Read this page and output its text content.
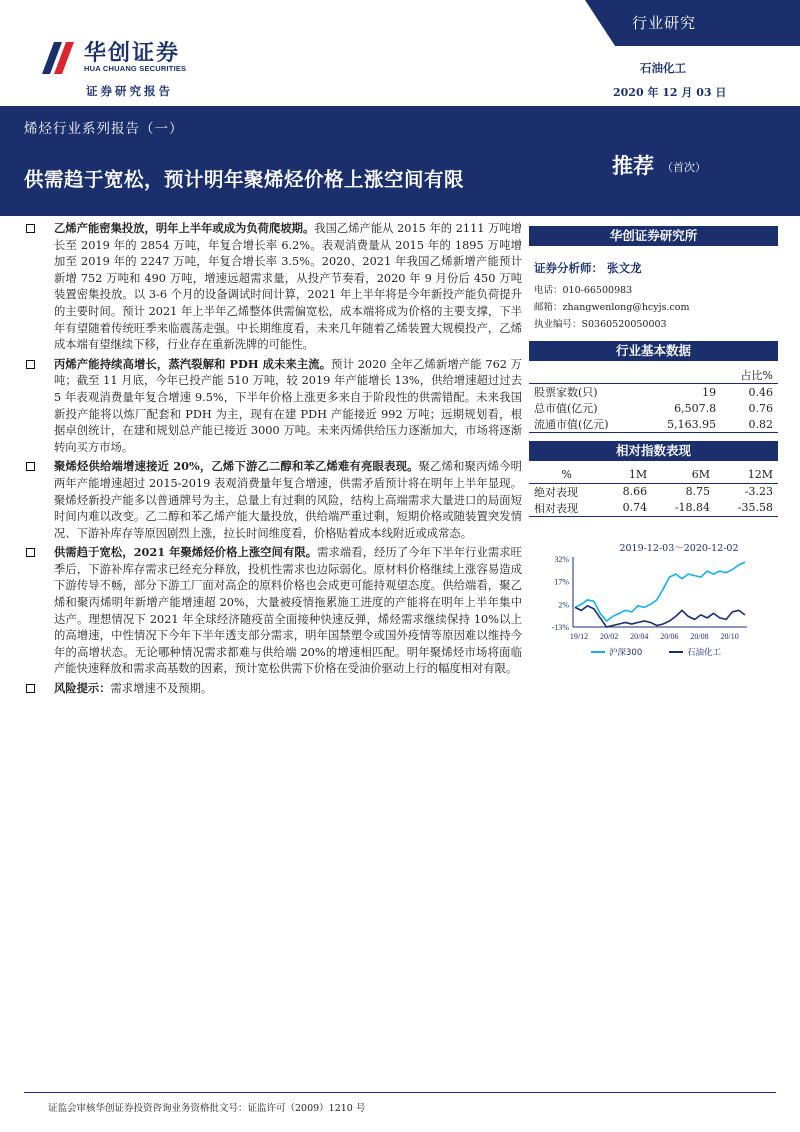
华创证券
HUA CHUANG SECURITIES
证券研究报告
行业研究
石油化工
2020 年 12 月 03 日
烯烃行业系列报告（一）
供需趋于宽松，预计明年聚烯烃价格上涨空间有限
推荐 （首次）
乙烯产能密集投放，明年上半年或成为负荷爬坡期。我国乙烯产能从 2015 年的 2111 万吨增长至 2019 年的 2854 万吨，年复合增长率 6.2%。表观消费量从 2015 年的 1895 万吨增加至 2019 年的 2247 万吨，年复合增长率 3.5%。2020、2021 年我国乙烯新增产能预计新增 752 万吨和 490 万吨，增速远超需求量，从投产节奏看，2020 年 9 月份后 450 万吨装置密集投放。以 3-6 个月的设备调试时间计算，2021 年上半年将是今年新投产能负荷提升的主要时间。预计 2021 年上半年乙烯整体供需偏宽松，成本端将成为价格的主要支撑，下半年有望随着传统旺季来临震荡走强。中长期维度看，未来几年随着乙烯装置大规模投产，乙烯成本端有望继续下移，行业存在重新洗牌的可能性。
丙烯产能持续高增长，蒸汽裂解和 PDH 成未来主流。预计 2020 全年乙烯新增产能 762 万吨；截至 11 月底，今年已投产能 510 万吨，较 2019 年产能增长 13%，供给增速超过过去 5 年表观消费量年复合增速 9.5%，下半年价格上涨更多来自于阶段性的供需错配。未来我国新投产能将以炼厂配套和 PDH 为主，现有在建 PDH 产能接近 992 万吨；远期规划看，根据卓创统计，在建和规划总产能已接近 3000 万吨。未来丙烯供给压力逐渐加大，市场将逐渐转向买方市场。
聚烯烃供给端增速接近 20%，乙烯下游乙二醇和苯乙烯难有亮眼表现。聚乙烯和聚丙烯今明两年产能增速超过 2015-2019 表观消费量年复合增速，供需矛盾预计将在明年上半年显现。聚烯烃新投产能多以普通牌号为主，总量上有过剩的风险，结构上高端需求大量进口的局面短时间内难以改变。乙二醇和苯乙烯产能大量投放，供给端严重过剩，短期价格或随装置突发情况、下游补库存等原因剧烈上涨，拉长时间维度看，价格贴着成本线附近或成常态。
供需趋于宽松，2021 年聚烯烃价格上涨空间有限。需求端看，经历了今年下半年行业需求旺季后，下游补库存需求已经充分释放，投机性需求也边际弱化。原材料价格继续上涨容易造成下游传导不畅，部分下游工厂面对高企的原料价格也会成更可能持观望态度。供给端看，聚乙烯和聚丙烯明年新增产能增速超 20%，大量被疫情拖累施工进度的产能将在明年上半年集中达产。理想情况下 2021 年全球经济随疫苗全面接种快速反弹，烯烃需求继续保持 10%以上的高增速，中性情况下今年下半年透支部分需求，明年国禁塑令或国外疫情等原因难以维持今年的高增状态。无论哪种情况需求都难与供给端 20%的增速相匹配。明年聚烯烃市场将面临产能快速释放和需求高基数的因素，预计宽松供需下价格在受油价驱动上行的幅度相对有限。
风险提示：需求增速不及预期。
华创证券研究所
证券分析师： 张文龙
电话：010-66500983
邮箱：zhangwenlong@hcyjs.com
执业编号：S0360520050003
行业基本数据
		占比%
股票家数(只)	19	0.46
总市值(亿元)	6,507.8	0.76
流通市值(亿元)	5,163.95	0.82
相对指数表现
%	1M	6M	12M
绝对表现	8.66	8.75	-3.23
相对表现	0.74	-18.84	-35.58
2019-12-03～2020-12-02
32%
17%
2%
-13%
19/12 20/02 20/04 20/06 20/08 20/10
沪深300	石油化工
证监会审核华创证券投资咨询业务资格批文号：证监许可（2009）1210 号
